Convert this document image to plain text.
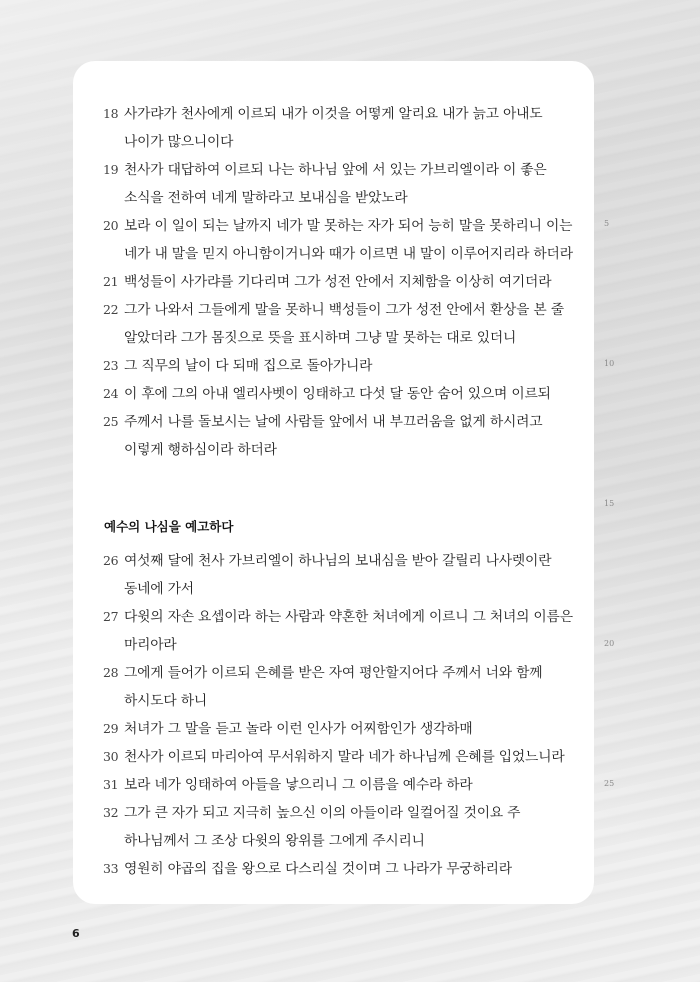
18 사가랴가 천사에게 이르되 내가 이것을 어떻게 알리요 내가 늙고 아내도 나이가 많으니이다
19 천사가 대답하여 이르되 나는 하나님 앞에 서 있는 가브리엘이라 이 좋은 소식을 전하여 네게 말하라고 보내심을 받았노라
20 보라 이 일이 되는 날까지 네가 말 못하는 자가 되어 능히 말을 못하리니 이는 네가 내 말을 믿지 아니함이거니와 때가 이르면 내 말이 이루어지리라 하더라
21 백성들이 사가랴를 기다리며 그가 성전 안에서 지체함을 이상히 여기더라
22 그가 나와서 그들에게 말을 못하니 백성들이 그가 성전 안에서 환상을 본 줄 알았더라 그가 몸짓으로 뜻을 표시하며 그냥 말 못하는 대로 있더니
23 그 직무의 날이 다 되매 집으로 돌아가니라
24 이 후에 그의 아내 엘리사벳이 잉태하고 다섯 달 동안 숨어 있으며 이르되
25 주께서 나를 돌보시는 날에 사람들 앞에서 내 부끄러움을 없게 하시려고 이렇게 행하심이라 하더라
예수의 나심을 예고하다
26 여섯째 달에 천사 가브리엘이 하나님의 보내심을 받아 갈릴리 나사렛이란 동네에 가서
27 다윗의 자손 요셉이라 하는 사람과 약혼한 처녀에게 이르니 그 처녀의 이름은 마리아라
28 그에게 들어가 이르되 은혜를 받은 자여 평안할지어다 주께서 너와 함께 하시도다 하니
29 처녀가 그 말을 듣고 놀라 이런 인사가 어찌함인가 생각하매
30 천사가 이르되 마리아여 무서워하지 말라 네가 하나님께 은혜를 입었느니라
31 보라 네가 잉태하여 아들을 낳으리니 그 이름을 예수라 하라
32 그가 큰 자가 되고 지극히 높으신 이의 아들이라 일컬어질 것이요 주 하나님께서 그 조상 다윗의 왕위를 그에게 주시리니
33 영원히 야곱의 집을 왕으로 다스리실 것이며 그 나라가 무궁하리라
5
10
15
20
25
6
